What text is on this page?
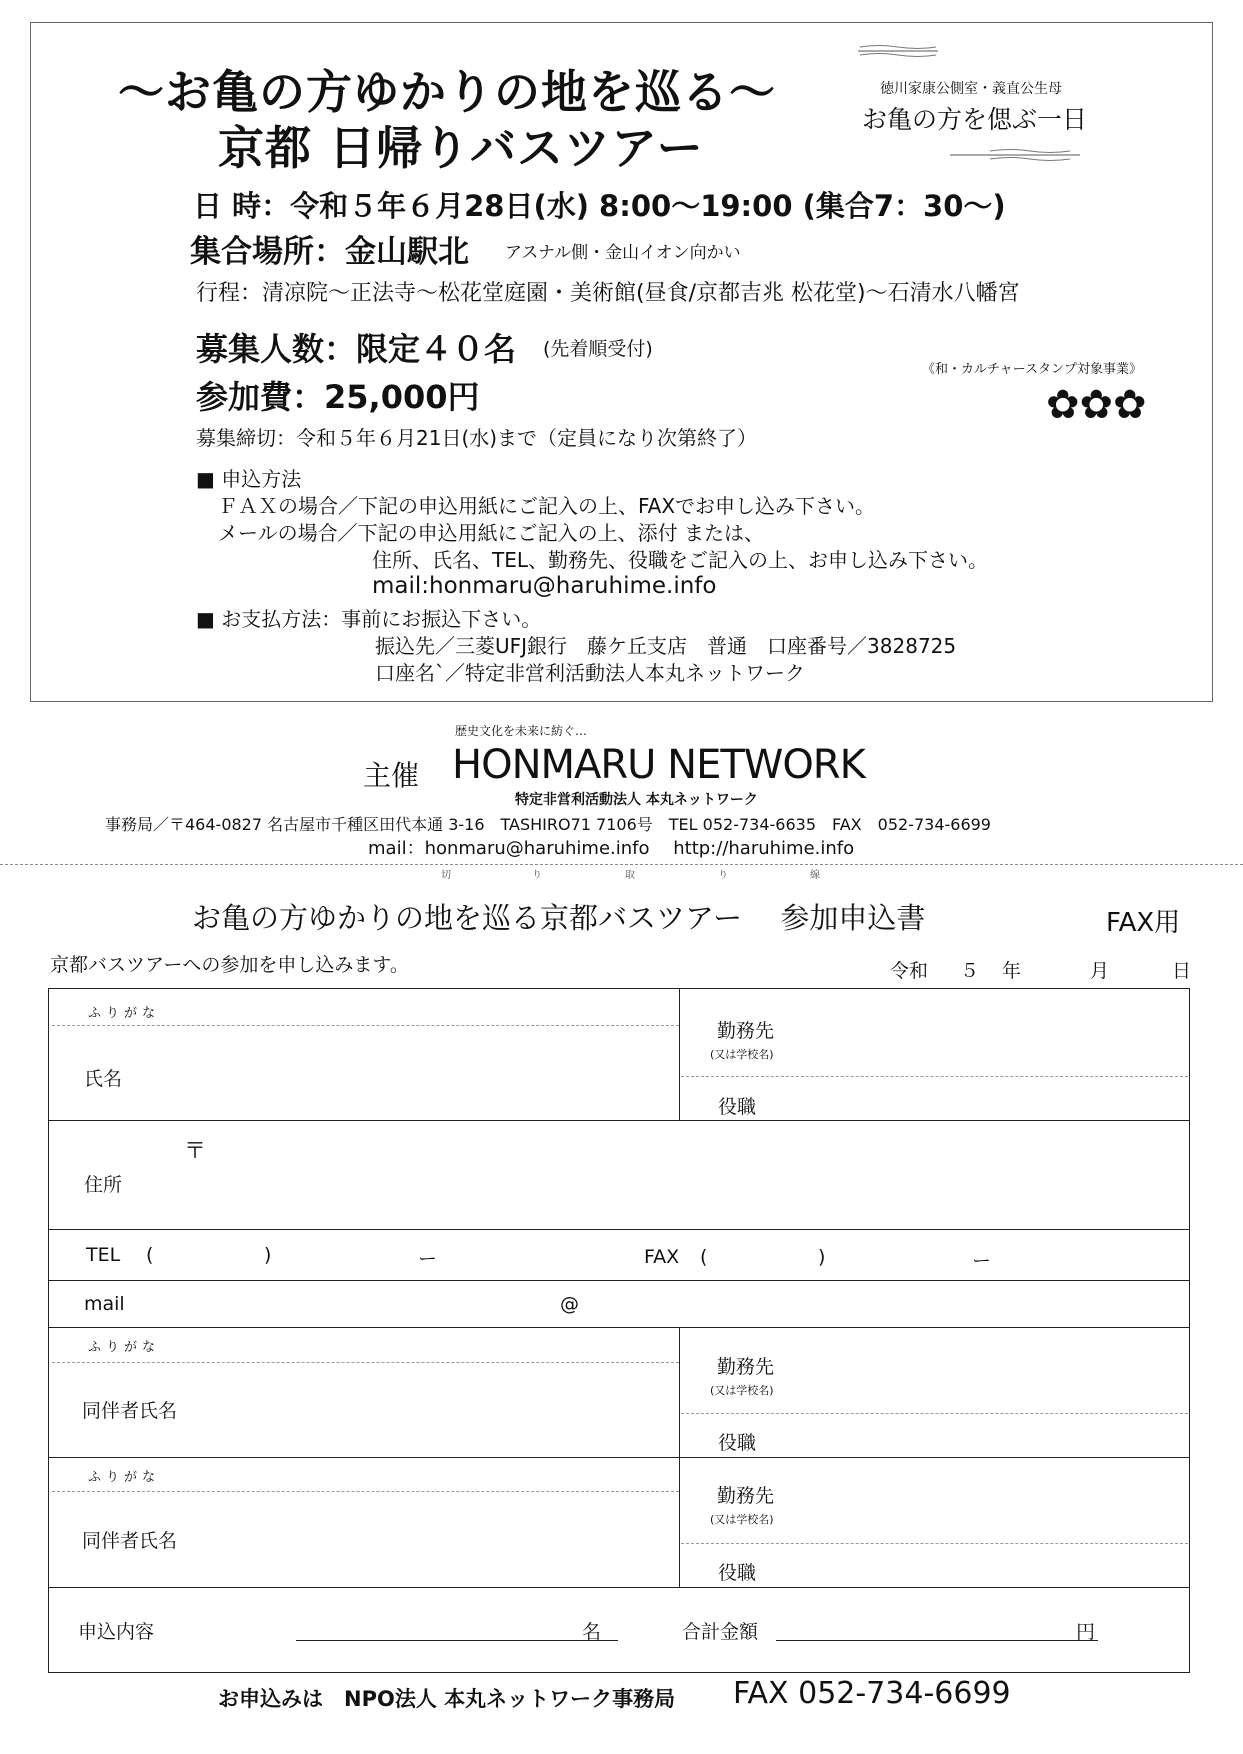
〜お亀の方ゆかりの地を巡る〜
京都 日帰りバスツアー
徳川家康公側室・義直公生母
お亀の方を偲ぶ一日
日 時：令和５年６月28日(水) 8:00～19:00 (集合7：30～)
集合場所：金山駅北 アスナル側・金山イオン向かい
行程：清凉院〜正法寺〜松花堂庭園・美術館(昼食/京都吉兆 松花堂)〜石清水八幡宮
募集人数：限定４０名 (先着順受付)
参加費：25,000円
募集締切：令和５年６月21日(水)まで（定員になり次第終了）
《和・カルチャースタンプ対象事業》
✿✿✿
■ 申込方法
ＦＡＸの場合／下記の申込用紙にご記入の上、FAXでお申し込み下さい。
メールの場合／下記の申込用紙にご記入の上、添付 または、
住所、氏名、TEL、勤務先、役職をご記入の上、お申し込み下さい。
mail:honmaru@haruhime.info
■ お支払方法：事前にお振込下さい。
振込先／三菱UFJ銀行　藤ケ丘支店　普通　口座番号／3828725
口座名`／特定非営利活動法人本丸ネットワーク
歴史文化を未来に紡ぐ…
主催 HONMARU NETWORK
特定非営利活動法人 本丸ネットワーク
事務局／〒464-0827 名古屋市千種区田代本通 3-16　TASHIRO71 7106号　TEL 052-734-6635　FAX　052-734-6699
mail：honmaru@haruhime.info　 http://haruhime.info
切	り	取	り	線
お亀の方ゆかりの地を巡る京都バスツアー　 参加申込書	FAX用
京都バスツアーへの参加を申し込みます。	令和 ５ 年	月	日
ふりがな
氏名
勤務先
(又は学校名)
役職
〒
住所
TEL (	)	ー	FAX (	)	ー
mail	@
ふりがな
同伴者氏名
勤務先
(又は学校名)
役職
ふりがな
同伴者氏名
勤務先
(又は学校名)
役職
申込内容	名	合計金額	円
お申込みは　NPO法人 本丸ネットワーク事務局 FAX 052-734-6699
